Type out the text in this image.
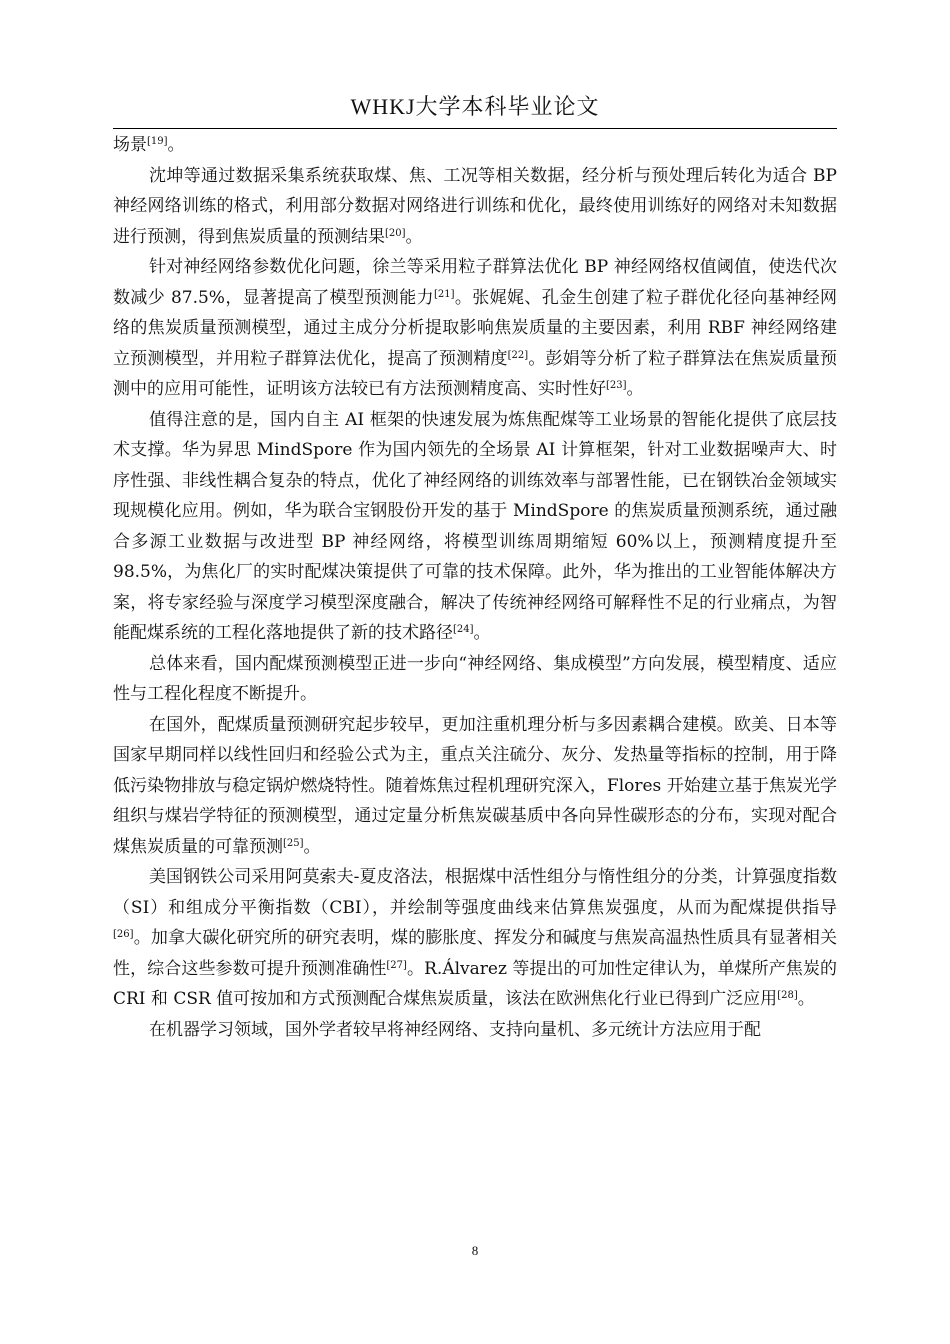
WHKJ大学本科毕业论文

场景[19]。

沈坤等通过数据采集系统获取煤、焦、工况等相关数据，经分析与预处理后转化为适合 BP 神经网络训练的格式，利用部分数据对网络进行训练和优化，最终使用训练好的网络对未知数据进行预测，得到焦炭质量的预测结果[20]。

针对神经网络参数优化问题，徐兰等采用粒子群算法优化 BP 神经网络权值阈值，使迭代次数减少 87.5%，显著提高了模型预测能力[21]。张娓娓、孔金生创建了粒子群优化径向基神经网络的焦炭质量预测模型，通过主成分分析提取影响焦炭质量的主要因素，利用 RBF 神经网络建立预测模型，并用粒子群算法优化，提高了预测精度[22]。彭娟等分析了粒子群算法在焦炭质量预测中的应用可能性，证明该方法较已有方法预测精度高、实时性好[23]。

值得注意的是，国内自主 AI 框架的快速发展为炼焦配煤等工业场景的智能化提供了底层技术支撑。华为昇思 MindSpore 作为国内领先的全场景 AI 计算框架，针对工业数据噪声大、时序性强、非线性耦合复杂的特点，优化了神经网络的训练效率与部署性能，已在钢铁冶金领域实现规模化应用。例如，华为联合宝钢股份开发的基于 MindSpore 的焦炭质量预测系统，通过融合多源工业数据与改进型 BP 神经网络，将模型训练周期缩短 60%以上，预测精度提升至 98.5%，为焦化厂的实时配煤决策提供了可靠的技术保障。此外，华为推出的工业智能体解决方案，将专家经验与深度学习模型深度融合，解决了传统神经网络可解释性不足的行业痛点，为智能配煤系统的工程化落地提供了新的技术路径[24]。

总体来看，国内配煤预测模型正进一步向“神经网络、集成模型”方向发展，模型精度、适应性与工程化程度不断提升。

在国外，配煤质量预测研究起步较早，更加注重机理分析与多因素耦合建模。欧美、日本等国家早期同样以线性回归和经验公式为主，重点关注硫分、灰分、发热量等指标的控制，用于降低污染物排放与稳定锅炉燃烧特性。随着炼焦过程机理研究深入，Flores 开始建立基于焦炭光学组织与煤岩学特征的预测模型，通过定量分析焦炭碳基质中各向异性碳形态的分布，实现对配合煤焦炭质量的可靠预测[25]。

美国钢铁公司采用阿莫索夫-夏皮洛法，根据煤中活性组分与惰性组分的分类，计算强度指数（SI）和组成分平衡指数（CBI），并绘制等强度曲线来估算焦炭强度，从而为配煤提供指导[26]。加拿大碳化研究所的研究表明，煤的膨胀度、挥发分和碱度与焦炭高温热性质具有显著相关性，综合这些参数可提升预测准确性[27]。R.Álvarez 等提出的可加性定律认为，单煤所产焦炭的 CRI 和 CSR 值可按加和方式预测配合煤焦炭质量，该法在欧洲焦化行业已得到广泛应用[28]。

在机器学习领域，国外学者较早将神经网络、支持向量机、多元统计方法应用于配

8
